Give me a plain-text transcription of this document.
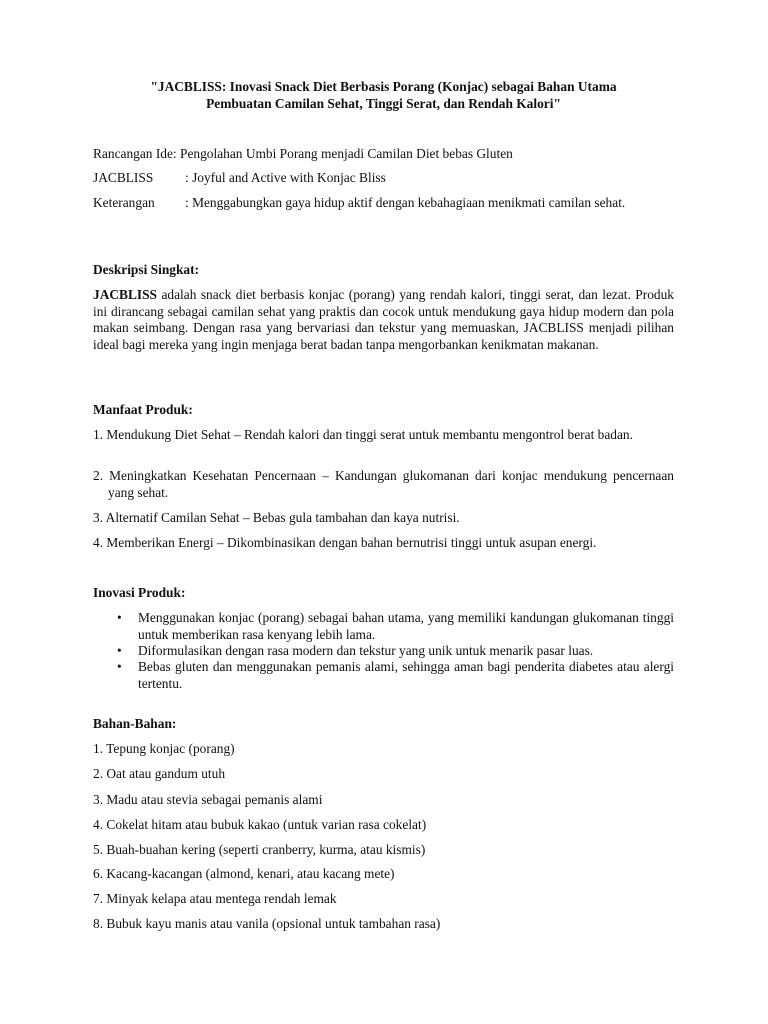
"JACBLISS: Inovasi Snack Diet Berbasis Porang (Konjac) sebagai Bahan Utama
Pembuatan Camilan Sehat, Tinggi Serat, dan Rendah Kalori"
Rancangan Ide: Pengolahan Umbi Porang menjadi Camilan Diet bebas Gluten
JACBLISS : Joyful and Active with Konjac Bliss
Keterangan : Menggabungkan gaya hidup aktif dengan kebahagiaan menikmati camilan sehat.
Deskripsi Singkat:
JACBLISS adalah snack diet berbasis konjac (porang) yang rendah kalori, tinggi serat, dan lezat. Produk ini dirancang sebagai camilan sehat yang praktis dan cocok untuk mendukung gaya hidup modern dan pola makan seimbang. Dengan rasa yang bervariasi dan tekstur yang memuaskan, JACBLISS menjadi pilihan ideal bagi mereka yang ingin menjaga berat badan tanpa mengorbankan kenikmatan makanan.
Manfaat Produk:
1. Mendukung Diet Sehat – Rendah kalori dan tinggi serat untuk membantu mengontrol berat badan.
2. Meningkatkan Kesehatan Pencernaan – Kandungan glukomanan dari konjac mendukung pencernaan yang sehat.
3. Alternatif Camilan Sehat – Bebas gula tambahan dan kaya nutrisi.
4. Memberikan Energi – Dikombinasikan dengan bahan bernutrisi tinggi untuk asupan energi.
Inovasi Produk:
• Menggunakan konjac (porang) sebagai bahan utama, yang memiliki kandungan glukomanan tinggi untuk memberikan rasa kenyang lebih lama.
• Diformulasikan dengan rasa modern dan tekstur yang unik untuk menarik pasar luas.
• Bebas gluten dan menggunakan pemanis alami, sehingga aman bagi penderita diabetes atau alergi tertentu.
Bahan-Bahan:
1. Tepung konjac (porang)
2. Oat atau gandum utuh
3. Madu atau stevia sebagai pemanis alami
4. Cokelat hitam atau bubuk kakao (untuk varian rasa cokelat)
5. Buah-buahan kering (seperti cranberry, kurma, atau kismis)
6. Kacang-kacangan (almond, kenari, atau kacang mete)
7. Minyak kelapa atau mentega rendah lemak
8. Bubuk kayu manis atau vanila (opsional untuk tambahan rasa)
